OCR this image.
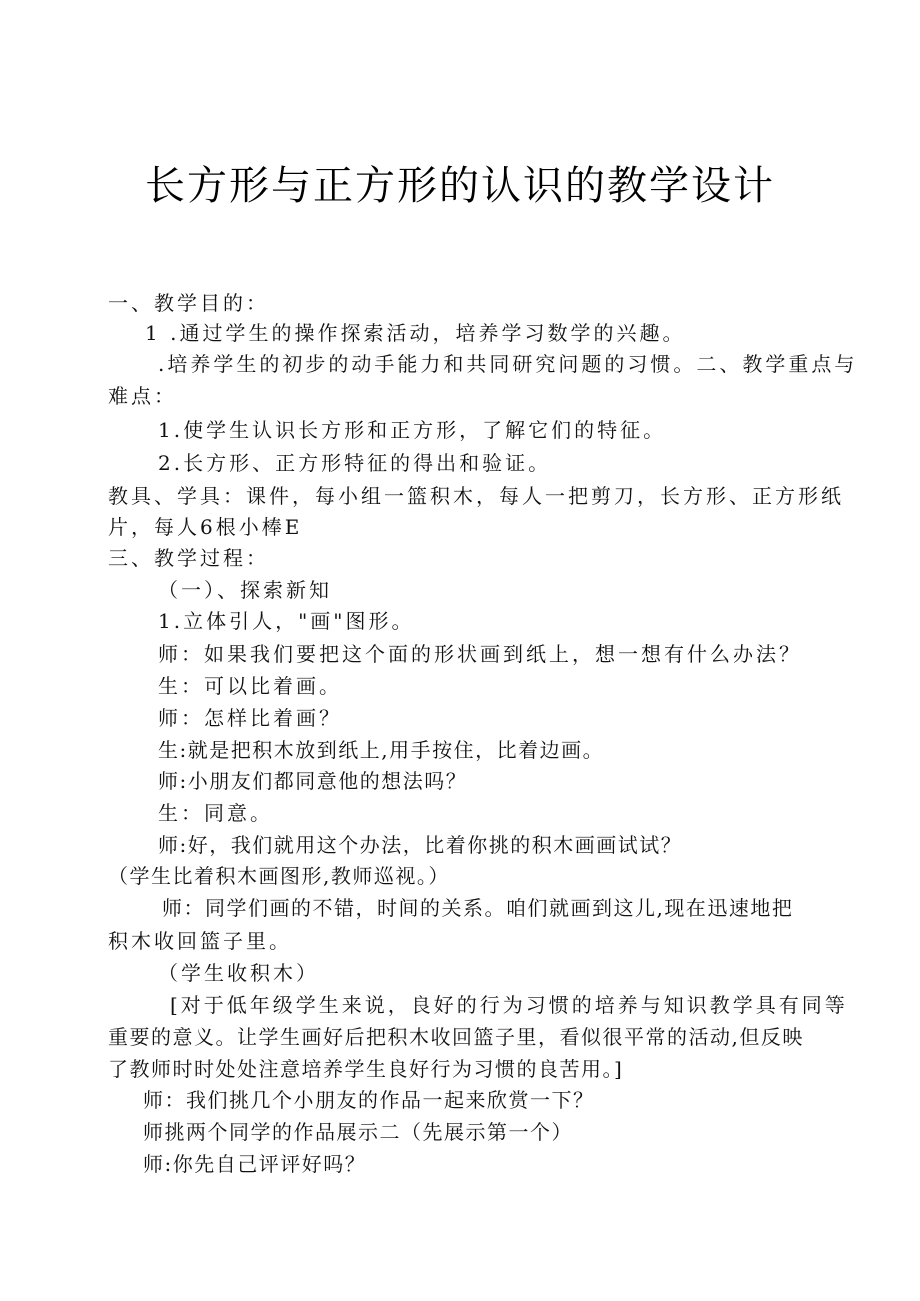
长方形与正方形的认识的教学设计

一、教学目的：

1 .通过学生的操作探索活动，培养学习数学的兴趣。

.培养学生的初步的动手能力和共同研究问题的习惯。二、教学重点与

难点：

1.使学生认识长方形和正方形，了解它们的特征。

2.长方形、正方形特征的得出和验证。

教具、学具：课件，每小组一篮积木，每人一把剪刀，长方形、正方形纸

片，每人6根小棒E

三、教学过程：

（一）、探索新知

1.立体引人，"画"图形。

师：如果我们要把这个面的形状画到纸上，想一想有什么办法？

生：可以比着画。

师：怎样比着画？

生:就是把积木放到纸上,用手按住，比着边画。

师:小朋友们都同意他的想法吗？

生：同意。

师:好，我们就用这个办法，比着你挑的积木画画试试？

（学生比着积木画图形,教师巡视。）

师：同学们画的不错，时间的关系。咱们就画到这儿,现在迅速地把

积木收回篮子里。

（学生收积木）

[对于低年级学生来说，良好的行为习惯的培养与知识教学具有同等

重要的意义。让学生画好后把积木收回篮子里，看似很平常的活动,但反映

了教师时时处处注意培养学生良好行为习惯的良苦用。]

师：我们挑几个小朋友的作品一起来欣赏一下？

师挑两个同学的作品展示二（先展示第一个）

师:你先自己评评好吗？
